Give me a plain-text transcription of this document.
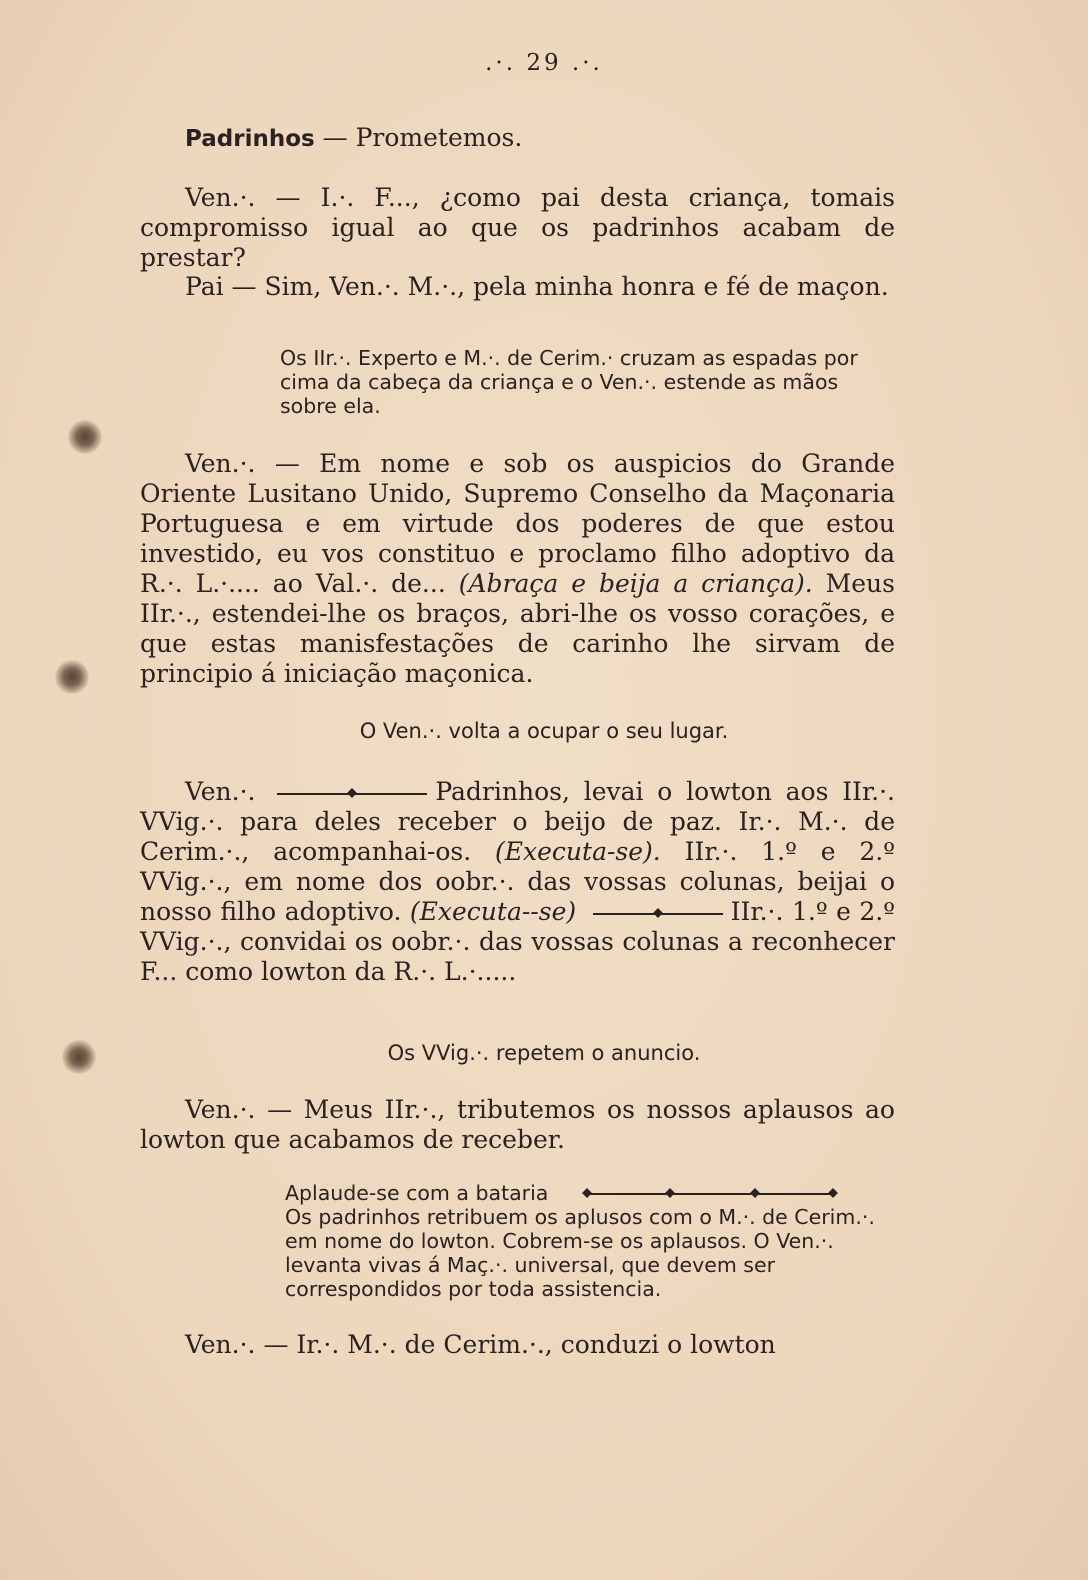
.·. 29 .·.
Padrinhos — Prometemos.
Ven.·. — I.·. F..., ¿como pai desta criança, tomais compromisso igual ao que os padrinhos acabam de prestar?
Pai — Sim, Ven.·. M.·., pela minha honra e fé de maçon.
Os IIr.·. Experto e M.·. de Cerim.· cruzam as espadas por cima da cabeça da criança e o Ven.·. estende as mãos sobre ela.
Ven.·. — Em nome e sob os auspicios do Grande Oriente Lusitano Unido, Supremo Conselho da Maçonaria Portuguesa e em virtude dos poderes de que estou investido, eu vos constituo e proclamo filho adoptivo da R.·. L.·.... ao Val.·. de... (Abraça e beija a criança). Meus IIr.·., estendei-lhe os braços, abri-lhe os vosso corações, e que estas manisfestações de carinho lhe sirvam de principio á iniciação maçonica.
O Ven.·. volta a ocupar o seu lugar.
Ven.·.	Padrinhos, levai o lowton aos IIr.·. VVig.·. para deles receber o beijo de paz. Ir.·. M.·. de Cerim.·., acompanhai-os. (Executa-se). IIr.·. 1.º e 2.º VVig.·., em nome dos oobr.·. das vossas colunas, beijai o nosso filho adoptivo. (Executa--se)	IIr.·. 1.º e 2.º VVig.·., convidai os oobr.·. das vossas colunas a reconhecer F... como lowton da R.·. L.·.....
Os VVig.·. repetem o anuncio.
Ven.·. — Meus IIr.·., tributemos os nossos aplausos ao lowton que acabamos de receber.
Aplaude-se com a bataria

Os padrinhos retribuem os aplusos com o M.·. de Cerim.·. em nome do lowton. Cobrem-se os aplausos. O Ven.·. levanta vivas á Maç.·. universal, que devem ser correspondidos por toda assistencia.
Ven.·. — Ir.·. M.·. de Cerim.·., conduzi o lowton
